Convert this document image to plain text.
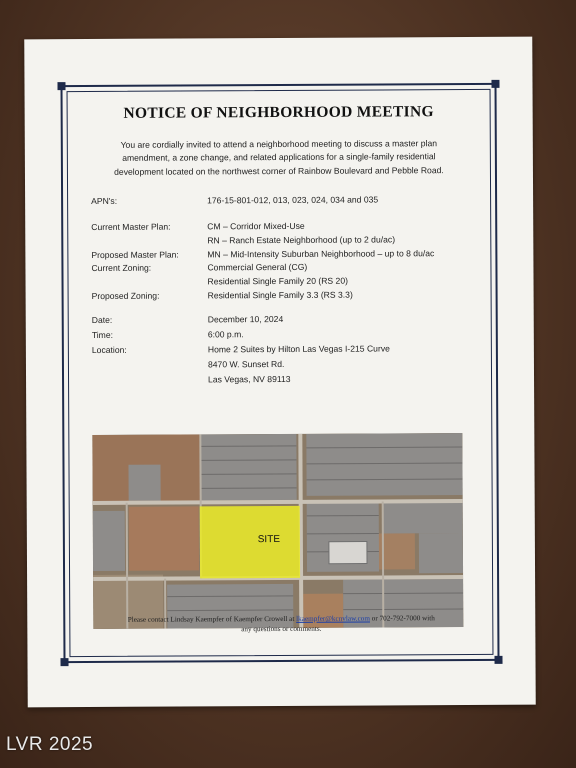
NOTICE OF NEIGHBORHOOD MEETING
You are cordially invited to attend a neighborhood meeting to discuss a master plan
amendment, a zone change, and related applications for a single-family residential
development located on the northwest corner of Rainbow Boulevard and Pebble Road.
APN's:	176-15-801-012, 013, 023, 024, 034 and 035
Current Master Plan:	CM – Corridor Mixed-Use
RN – Ranch Estate Neighborhood (up to 2 du/ac)
Proposed Master Plan:	MN – Mid-Intensity Suburban Neighborhood – up to 8 du/ac
Current Zoning:	Commercial General (CG)
Residential Single Family 20 (RS 20)
Proposed Zoning:	Residential Single Family 3.3 (RS 3.3)
Date:	December 10, 2024
Time:	6:00 p.m.
Location:	Home 2 Suites by Hilton Las Vegas I-215 Curve
8470 W. Sunset Rd.
Las Vegas, NV 89113
SITE
Please contact Lindsay Kaempfer of Kaempfer Crowell at lkaempfer@kcnvlaw.com or 702-792-7000 with
any questions or comments.
LVR 2025
